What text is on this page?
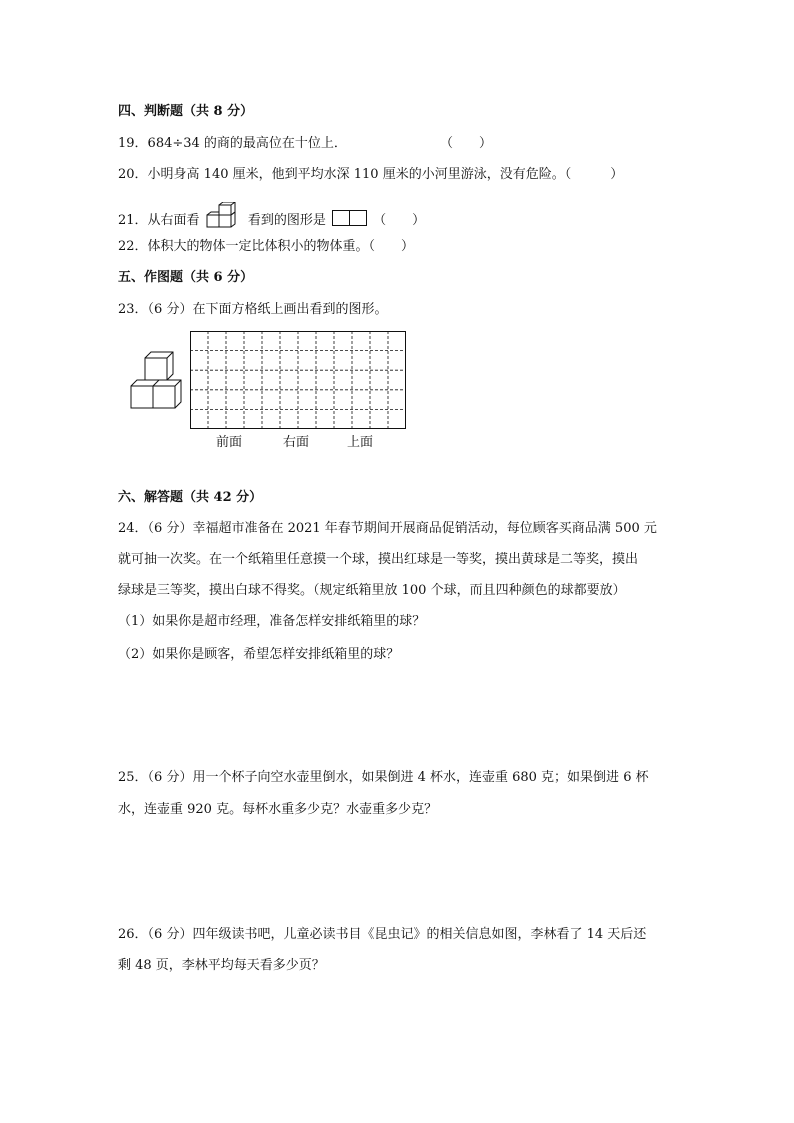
四、判断题（共 8 分）
19．684÷34 的商的最高位在十位上．	（　　）
20．小明身高 140 厘米，他到平均水深 110 厘米的小河里游泳，没有危险。（　　　）
21．从右面看	看到的图形是	（　　）
22．体积大的物体一定比体积小的物体重。（　　）
五、作图题（共 6 分）
23．（6 分）在下面方格纸上画出看到的图形。
前面	右面	上面
六、解答题（共 42 分）
24．（6 分）幸福超市准备在 2021 年春节期间开展商品促销活动，每位顾客买商品满 500 元
就可抽一次奖。在一个纸箱里任意摸一个球，摸出红球是一等奖，摸出黄球是二等奖，摸出
绿球是三等奖，摸出白球不得奖。（规定纸箱里放 100 个球，而且四种颜色的球都要放）
（1）如果你是超市经理，准备怎样安排纸箱里的球？
（2）如果你是顾客，希望怎样安排纸箱里的球？
25．（6 分）用一个杯子向空水壶里倒水，如果倒进 4 杯水，连壶重 680 克；如果倒进 6 杯
水，连壶重 920 克。每杯水重多少克？水壶重多少克？
26．（6 分）四年级读书吧，儿童必读书目《昆虫记》的相关信息如图，李林看了 14 天后还
剩 48 页，李林平均每天看多少页？
